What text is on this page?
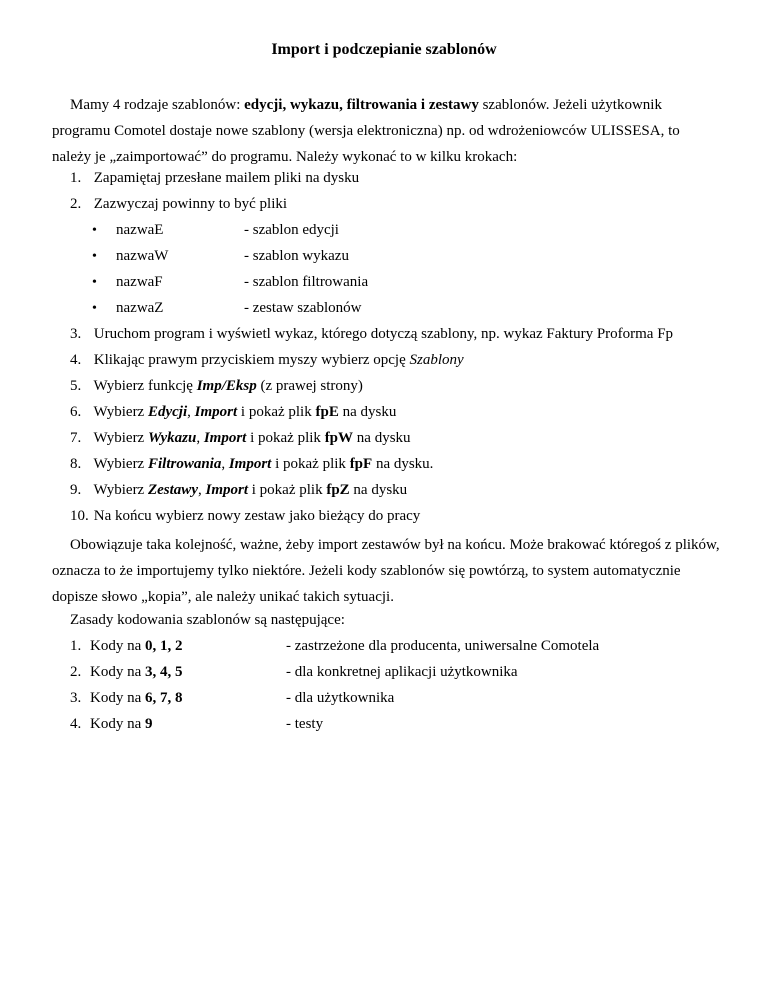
Import i podczepianie szablonów
Mamy 4 rodzaje szablonów: edycji, wykazu, filtrowania i zestawy szablonów. Jeżeli użytkownik programu Comotel dostaje nowe szablony (wersja elektroniczna) np. od wdrożeniowców ULISSESA, to należy je „zaimportować” do programu. Należy wykonać to w kilku krokach:
1. Zapamiętaj przesłane mailem pliki na dysku
2. Zazwyczaj powinny to być pliki
• nazwaE	- szablon edycji
• nazwaW	- szablon wykazu
• nazwaF	- szablon filtrowania
• nazwaZ	- zestaw szablonów
3. Uruchom program i wyświetl wykaz, którego dotyczą szablony, np. wykaz Faktury Proforma Fp
4. Klikając prawym przyciskiem myszy wybierz opcję Szablony
5. Wybierz funkcję Imp/Eksp (z prawej strony)
6. Wybierz Edycji, Import i pokaż plik fpE na dysku
7. Wybierz Wykazu, Import i pokaż plik fpW na dysku
8. Wybierz Filtrowania, Import i pokaż plik fpF na dysku.
9. Wybierz Zestawy, Import i pokaż plik fpZ na dysku
10. Na końcu wybierz nowy zestaw jako bieżący do pracy
Obowiązuje taka kolejność, ważne, żeby import zestawów był na końcu. Może brakować któregoś z plików, oznacza to że importujemy tylko niektóre. Jeżeli kody szablonów się powtórzą, to system automatycznie dopisze słowo „kopia”, ale należy unikać takich sytuacji.
Zasady kodowania szablonów są następujące:
1. Kody na 0, 1, 2	- zastrzeżone dla producenta, uniwersalne Comotela
2. Kody na 3, 4, 5	- dla konkretnej aplikacji użytkownika
3. Kody na 6, 7, 8	- dla użytkownika
4. Kody na 9	- testy
